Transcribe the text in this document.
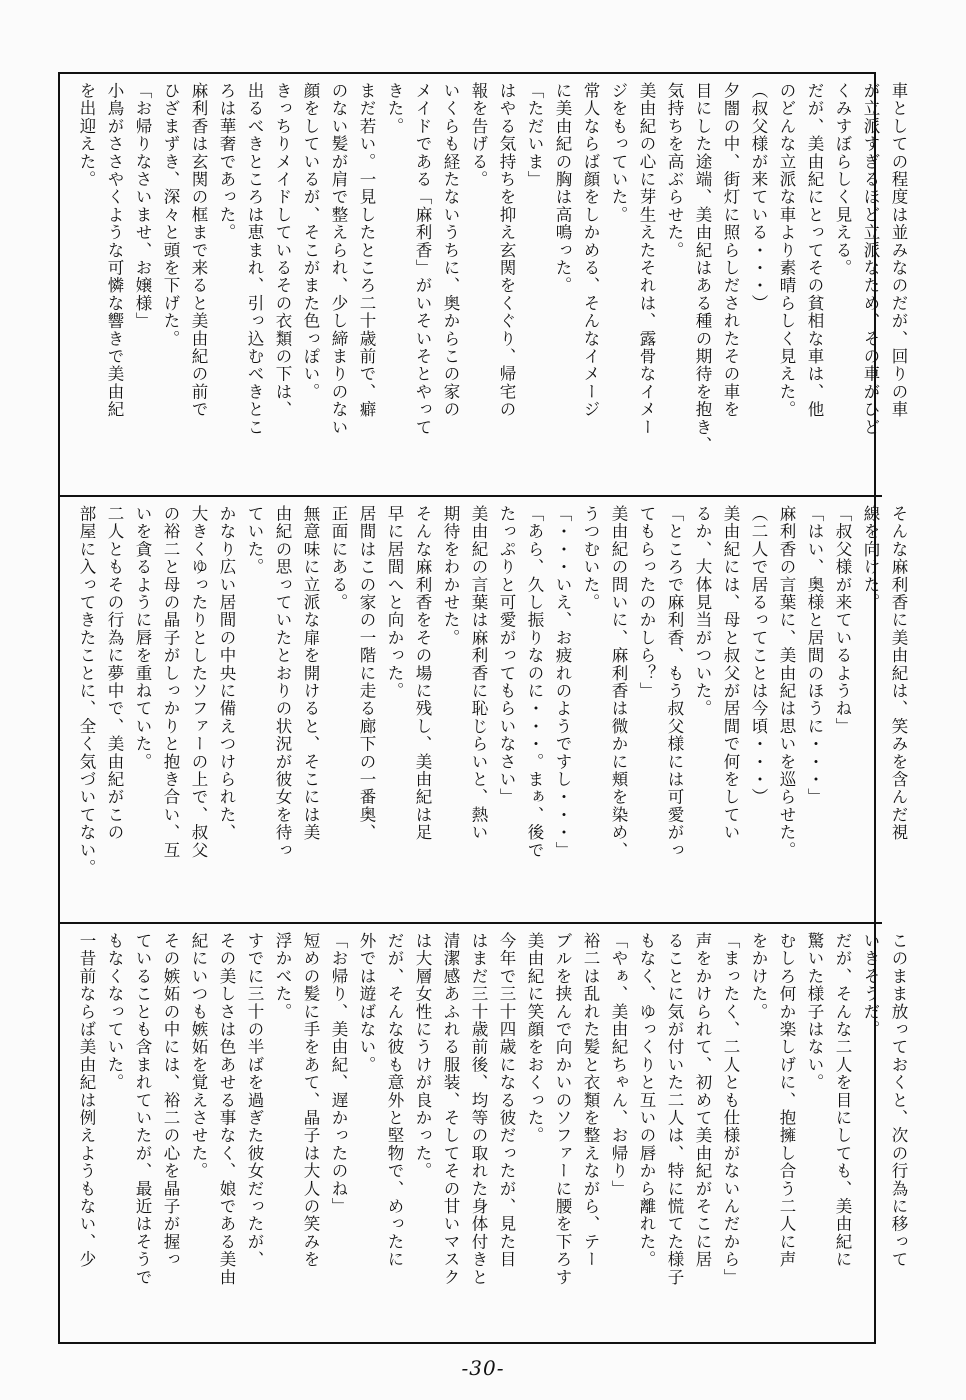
車としての程度は並みなのだが、回りの車
が立派すぎるほど立派なため、その車がひど
くみすぼらしく見える。
だが、美由紀にとってその貧相な車は、他
のどんな立派な車より素晴らしく見えた。
（叔父様が来ている・・・）
夕闇の中、街灯に照らしだされたその車を
目にした途端、美由紀はある種の期待を抱き、
気持ちを高ぶらせた。
美由紀の心に芽生えたそれは、露骨なイメー
ジをもっていた。
常人ならば顔をしかめる、そんなイメージ
に美由紀の胸は高鳴った。
「ただいま」
はやる気持ちを抑え玄関をくぐり、帰宅の
報を告げる。
いくらも経たないうちに、奥からこの家の
メイドである「麻利香」がいそいそとやって
きた。
まだ若い。一見したところ二十歳前で、癖
のない髪が肩で整えられ、少し締まりのない
顔をしているが、そこがまた色っぽい。
きっちりメイドしているその衣類の下は、
出るべきところは恵まれ、引っ込むべきとこ
ろは華奢であった。
麻利香は玄関の框まで来ると美由紀の前で
ひざまずき、深々と頭を下げた。
「お帰りなさいませ、お嬢様」
小鳥がささやくような可憐な響きで美由紀
を出迎えた。
そんな麻利香に美由紀は、笑みを含んだ視
線を向けた。
「叔父様が来ているようね」
「はい、奥様と居間のほうに・・・」
麻利香の言葉に、美由紀は思いを巡らせた。
（二人で居るってことは今頃・・・）
美由紀には、母と叔父が居間で何をしてい
るか、大体見当がついた。
「ところで麻利香、もう叔父様には可愛がっ
てもらったのかしら？」
美由紀の問いに、麻利香は微かに頬を染め、
うつむいた。
「・・・いえ、お疲れのようですし・・・」
「あら、久し振りなのに・・・。まぁ、後で
たっぷりと可愛がってもらいなさい」
美由紀の言葉は麻利香に恥じらいと、熱い
期待をわかせた。
そんな麻利香をその場に残し、美由紀は足
早に居間へと向かった。
居間はこの家の一階に走る廊下の一番奥、
正面にある。
無意味に立派な扉を開けると、そこには美
由紀の思っていたとおりの状況が彼女を待っ
ていた。
かなり広い居間の中央に備えつけられた、
大きくゆったりとしたソファーの上で、叔父
の裕二と母の晶子がしっかりと抱き合い、互
いを貪るように唇を重ねていた。
二人ともその行為に夢中で、美由紀がこの
部屋に入ってきたことに、全く気づいてない。
このまま放っておくと、次の行為に移って
いきそうだ。
だが、そんな二人を目にしても、美由紀に
驚いた様子はない。
むしろ何か楽しげに、抱擁し合う二人に声
をかけた。
「まったく、二人とも仕様がないんだから」
声をかけられて、初めて美由紀がそこに居
ることに気が付いた二人は、特に慌てた様子
もなく、ゆっくりと互いの唇から離れた。
「やぁ、美由紀ちゃん、お帰り」
裕二は乱れた髪と衣類を整えながら、テー
ブルを挟んで向かいのソファーに腰を下ろす
美由紀に笑顔をおくった。
今年で三十四歳になる彼だったが、見た目
はまだ三十歳前後、均等の取れた身体付きと
清潔感あふれる服装、そしてその甘いマスク
は大層女性にうけが良かった。
だが、そんな彼も意外と堅物で、めったに
外では遊ばない。
「お帰り、美由紀、遅かったのね」
短めの髪に手をあて、晶子は大人の笑みを
浮かべた。
すでに三十の半ばを過ぎた彼女だったが、
その美しさは色あせる事なく、娘である美由
紀にいつも嫉妬を覚えさせた。
その嫉妬の中には、裕二の心を晶子が握っ
ていることも含まれていたが、最近はそうで
もなくなっていた。
一昔前ならば美由紀は例えようもない、少
-30-
